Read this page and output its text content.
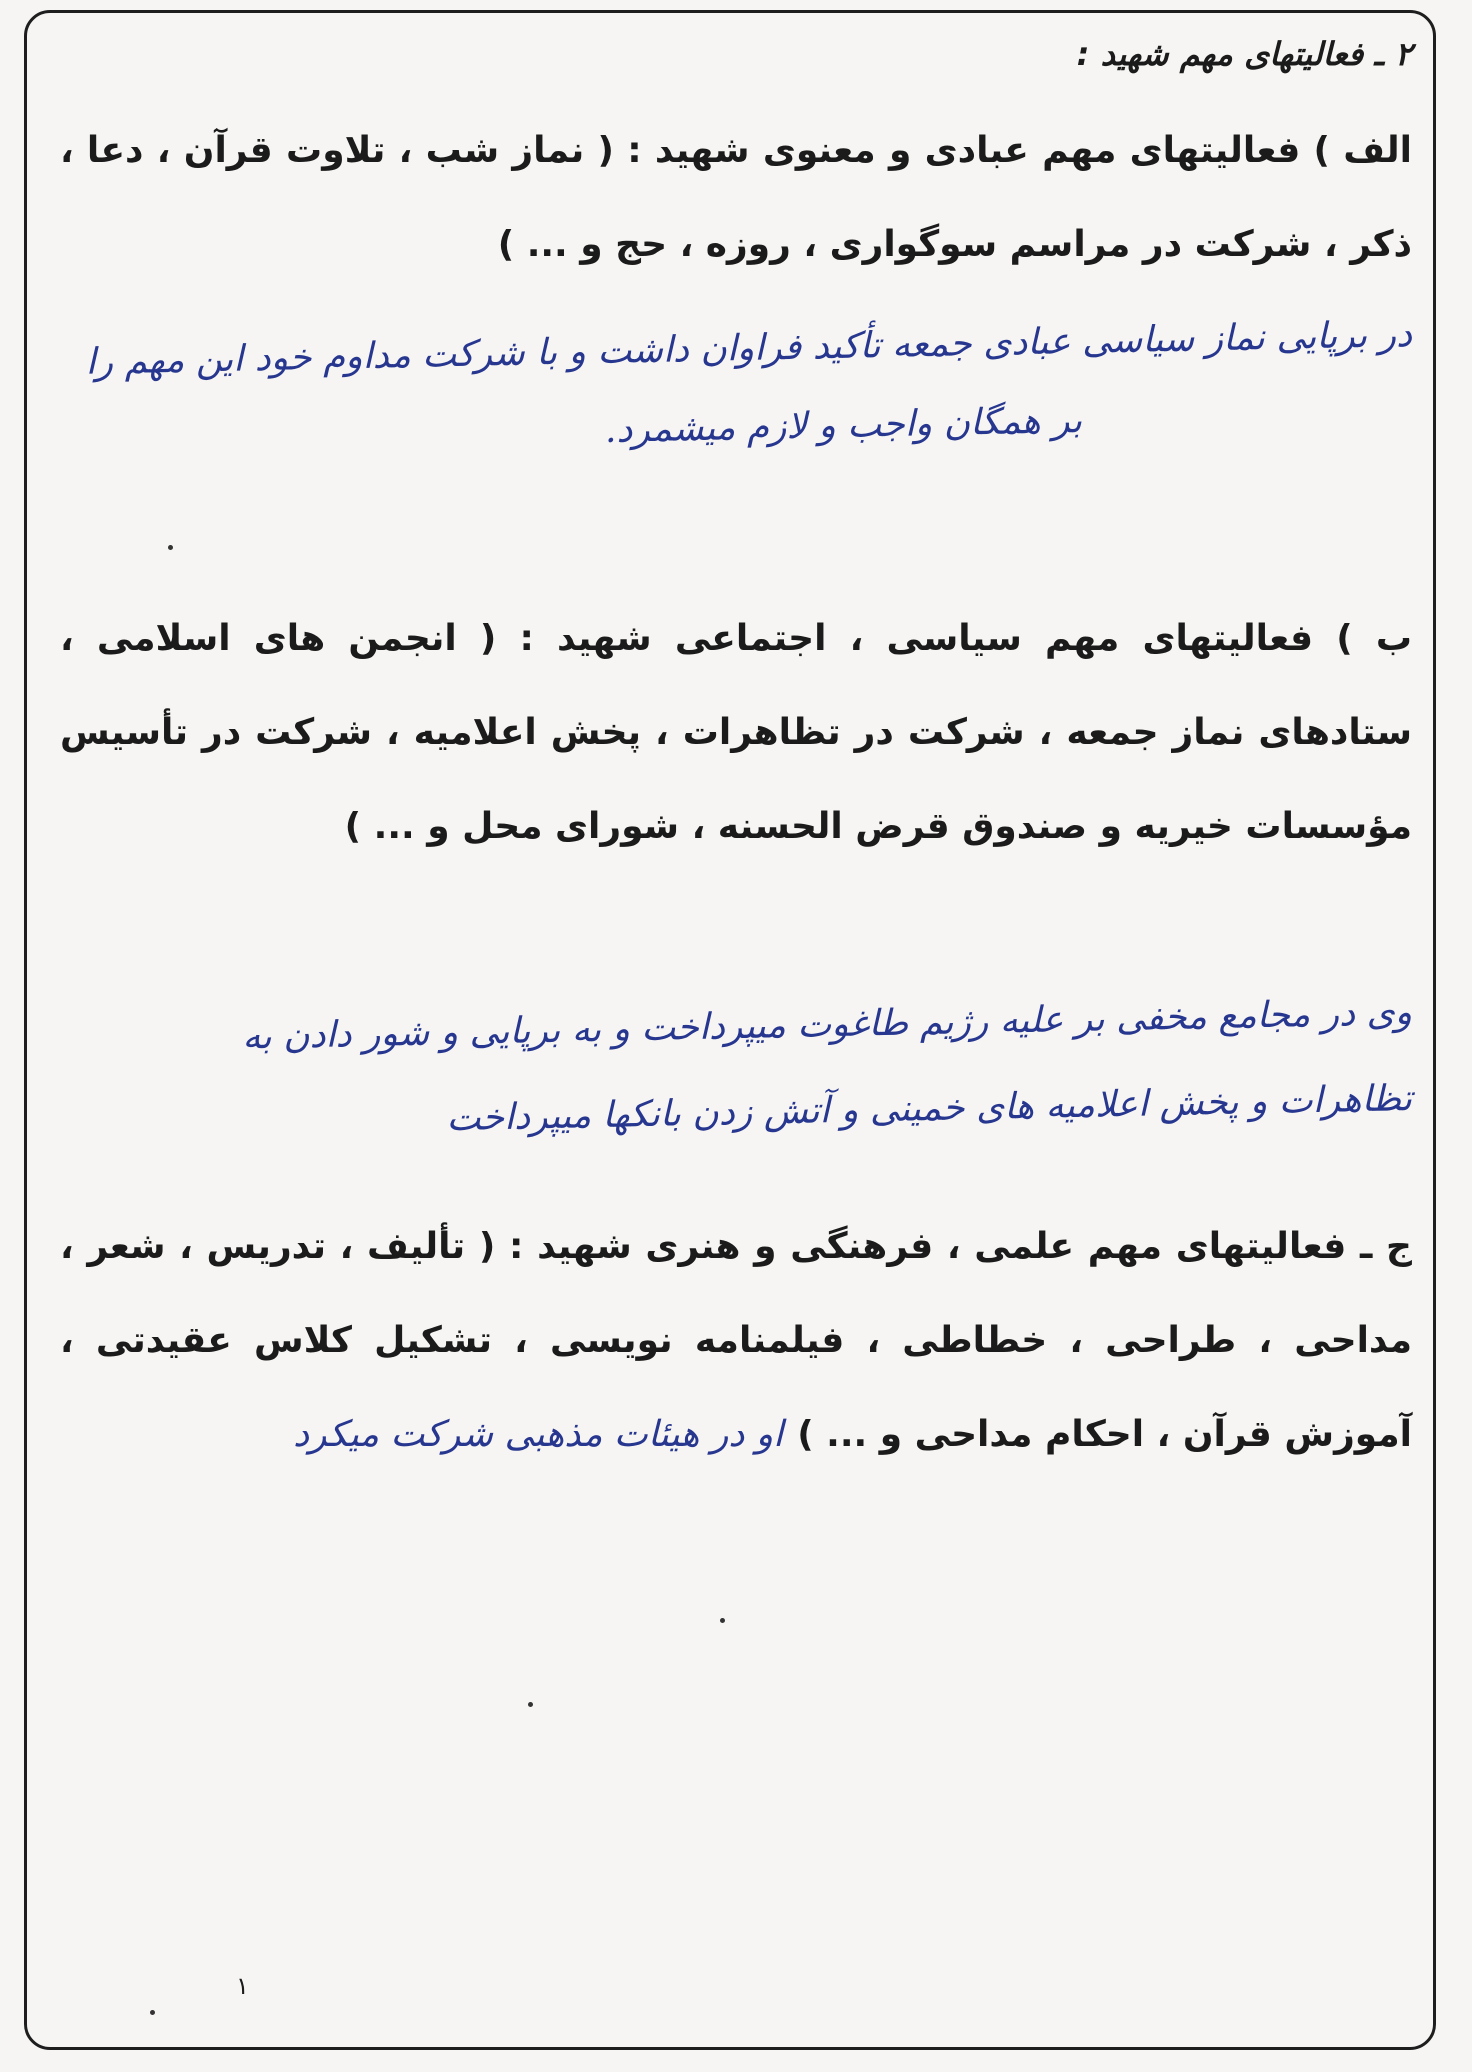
۲ ـ فعالیتهای مهم شهید :

الف ) فعالیتهای مهم عبادی و معنوی شهید : ( نماز شب ، تلاوت قرآن ، دعا ، ذکر ، شرکت در مراسم سوگواری ، روزه ، حج و ... )

در برپایی نماز سیاسی عبادی جمعه تأکید فراوان داشت و با شرکت مداوم خود این مهم را

بر همگان واجب و لازم میشمرد.

ب ) فعالیتهای مهم سیاسی ، اجتماعی شهید : ( انجمن های اسلامی ، ستادهای نماز جمعه ، شرکت در تظاهرات ، پخش اعلامیه ، شرکت در تأسیس مؤسسات خیریه و صندوق قرض الحسنه ، شورای محل و ... )

وی در مجامع مخفی بر علیه رژیم طاغوت میپرداخت و به برپایی و شور دادن به

تظاهرات و پخش اعلامیه های خمینی و آتش زدن بانکها میپرداخت

ج ـ فعالیتهای مهم علمی ، فرهنگی و هنری شهید : ( تألیف ، تدریس ، شعر ، مداحی ، طراحی ، خطاطی ، فیلمنامه نویسی ، تشکیل کلاس عقیدتی ، آموزش قرآن ، احکام مداحی و ... )او در هیئات مذهبی شرکت میکرد

۱
